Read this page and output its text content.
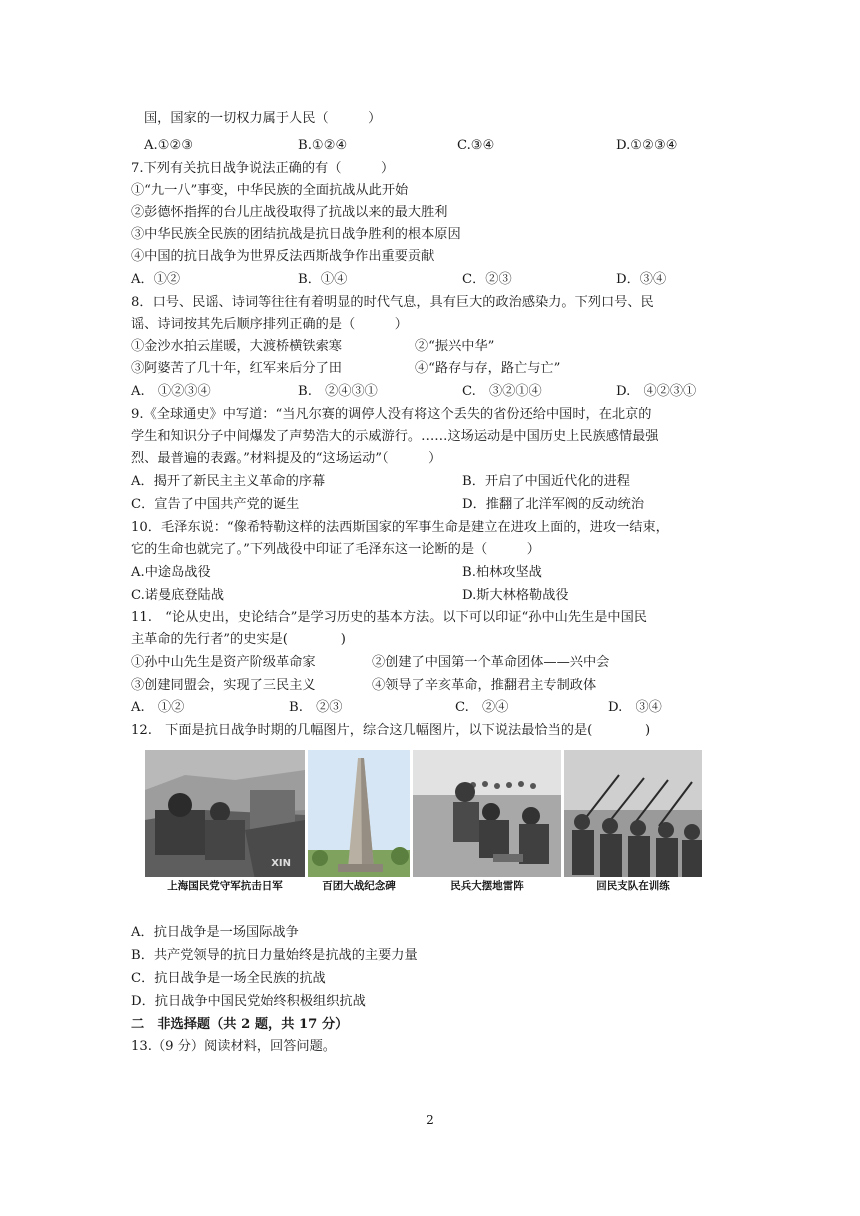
国，国家的一切权力属于人民（　　　）
A.①②③	B.①②④	C.③④	D.①②③④
7.下列有关抗日战争说法正确的有（　　　）
①“九一八”事变，中华民族的全面抗战从此开始
②彭德怀指挥的台儿庄战役取得了抗战以来的最大胜利
③中华民族全民族的团结抗战是抗日战争胜利的根本原因
④中国的抗日战争为世界反法西斯战争作出重要贡献
A．①②	B．①④	C．②③	D．③④
8．口号、民谣、诗词等往往有着明显的时代气息，具有巨大的政治感染力。下列口号、民
谣、诗词按其先后顺序排列正确的是（　　　）
①金沙水拍云崖暖，大渡桥横铁索寒	②“振兴中华”
③阿婆苦了几十年，红军来后分了田	④“路存与存，路亡与亡”
A.　①②③④	B.　②④③①	C.　③②①④	D.　④②③①
9.《全球通史》中写道：“当凡尔赛的调停人没有将这个丢失的省份还给中国时，在北京的
学生和知识分子中间爆发了声势浩大的示威游行。……这场运动是中国历史上民族感情最强
烈、最普遍的表露。”材料提及的“这场运动”（　　　）
A．揭开了新民主主义革命的序幕	B．开启了中国近代化的进程
C．宣告了中国共产党的诞生	D．推翻了北洋军阀的反动统治
10．毛泽东说：“像希特勒这样的法西斯国家的军事生命是建立在进攻上面的，进攻一结束，
它的生命也就完了。”下列战役中印证了毛泽东这一论断的是（　　　）
A.中途岛战役	B.柏林攻坚战
C.诺曼底登陆战	D.斯大林格勒战役
11.　“论从史出，史论结合”是学习历史的基本方法。以下可以印证“孙中山先生是中国民
主革命的先行者”的史实是(　　　　)
①孙中山先生是资产阶级革命家	②创建了中国第一个革命团体——兴中会
③创建同盟会，实现了三民主义	④领导了辛亥革命，推翻君主专制政体
A.　①②	B.　②③	C.　②④	D.　③④
12.　下面是抗日战争时期的几幅图片，综合这几幅图片，以下说法最恰当的是(　　　　)
XIN
上海国民党守军抗击日军	百团大战纪念碑	民兵大摆地雷阵	回民支队在训练
A．抗日战争是一场国际战争
B．共产党领导的抗日力量始终是抗战的主要力量
C．抗日战争是一场全民族的抗战
D．抗日战争中国民党始终积极组织抗战
二　非选择题（共 2 题，共 17 分）
13.（9 分）阅读材料，回答问题。
2
